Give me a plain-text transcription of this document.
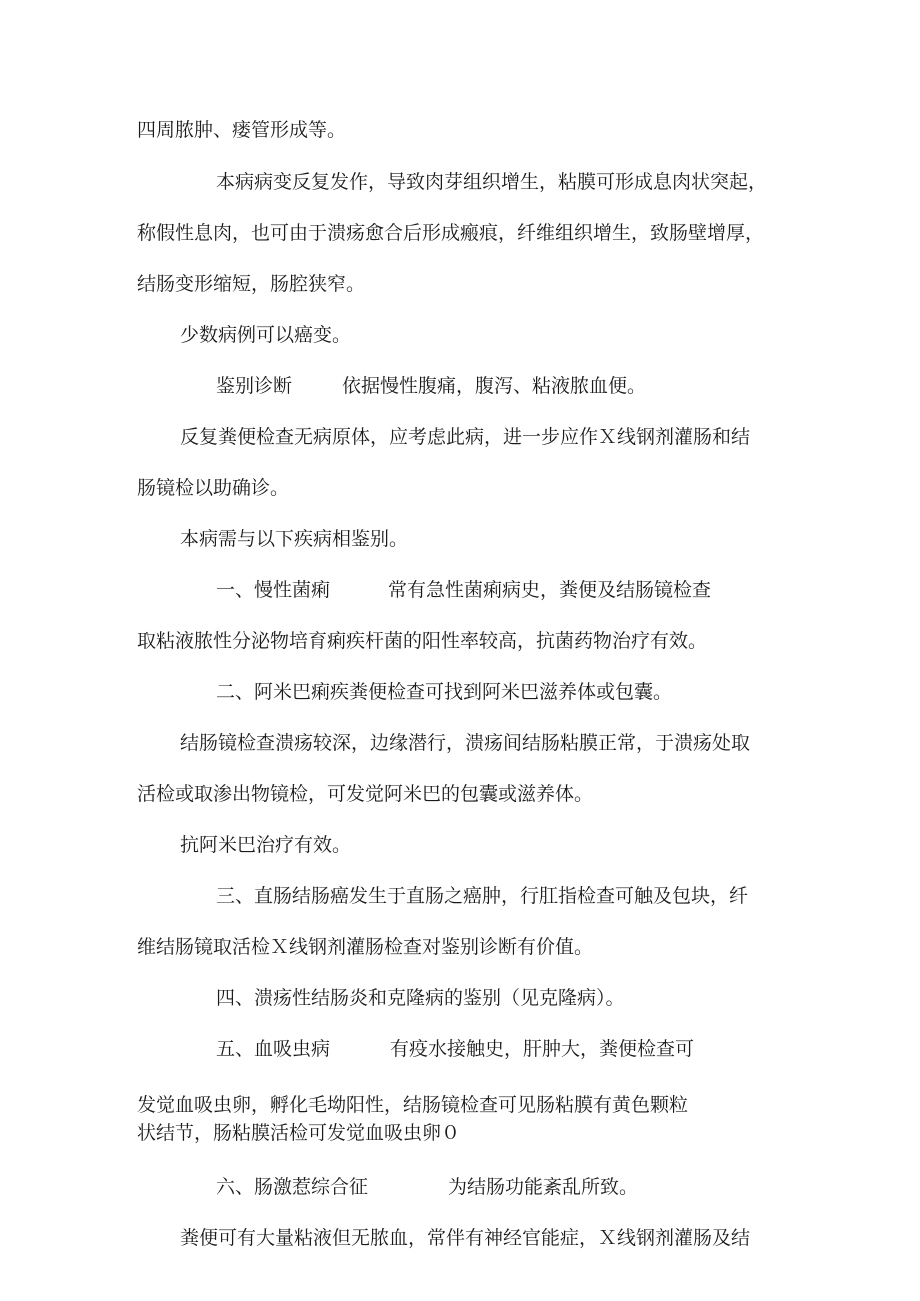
四周脓肿、瘘管形成等。
本病病变反复发作，导致肉芽组织增生，粘膜可形成息肉状突起，
称假性息肉，也可由于溃疡愈合后形成瘢痕，纤维组织增生，致肠壁增厚，
结肠变形缩短，肠腔狭窄。
少数病例可以癌变。
鉴别诊断	依据慢性腹痛，腹泻、粘液脓血便。
反复粪便检查无病原体，应考虑此病，进一步应作Ｘ线钢剂灌肠和结
肠镜检以助确诊。
本病需与以下疾病相鉴别。
一、慢性菌痢	常有急性菌痢病史，粪便及结肠镜检查
取粘液脓性分泌物培育痢疾杆菌的阳性率较高，抗菌药物治疗有效。
二、阿米巴痢疾粪便检查可找到阿米巴滋养体或包囊。
结肠镜检查溃疡较深，边缘潜行，溃疡间结肠粘膜正常，于溃疡处取
活检或取渗出物镜检，可发觉阿米巴的包囊或滋养体。
抗阿米巴治疗有效。
三、直肠结肠癌发生于直肠之癌肿，行肛指检查可触及包块，纤
维结肠镜取活检Ｘ线钢剂灌肠检查对鉴别诊断有价值。
四、溃疡性结肠炎和克隆病的鉴别（见克隆病）。
五、血吸虫病	有疫水接触史，肝肿大，粪便检查可
发觉血吸虫卵，孵化毛坳阳性，结肠镜检查可见肠粘膜有黄色颗粒
状结节，肠粘膜活检可发觉血吸虫卵０
六、肠激惹综合征	为结肠功能紊乱所致。
粪便可有大量粘液但无脓血，常伴有神经官能症，Ｘ线钢剂灌肠及结
